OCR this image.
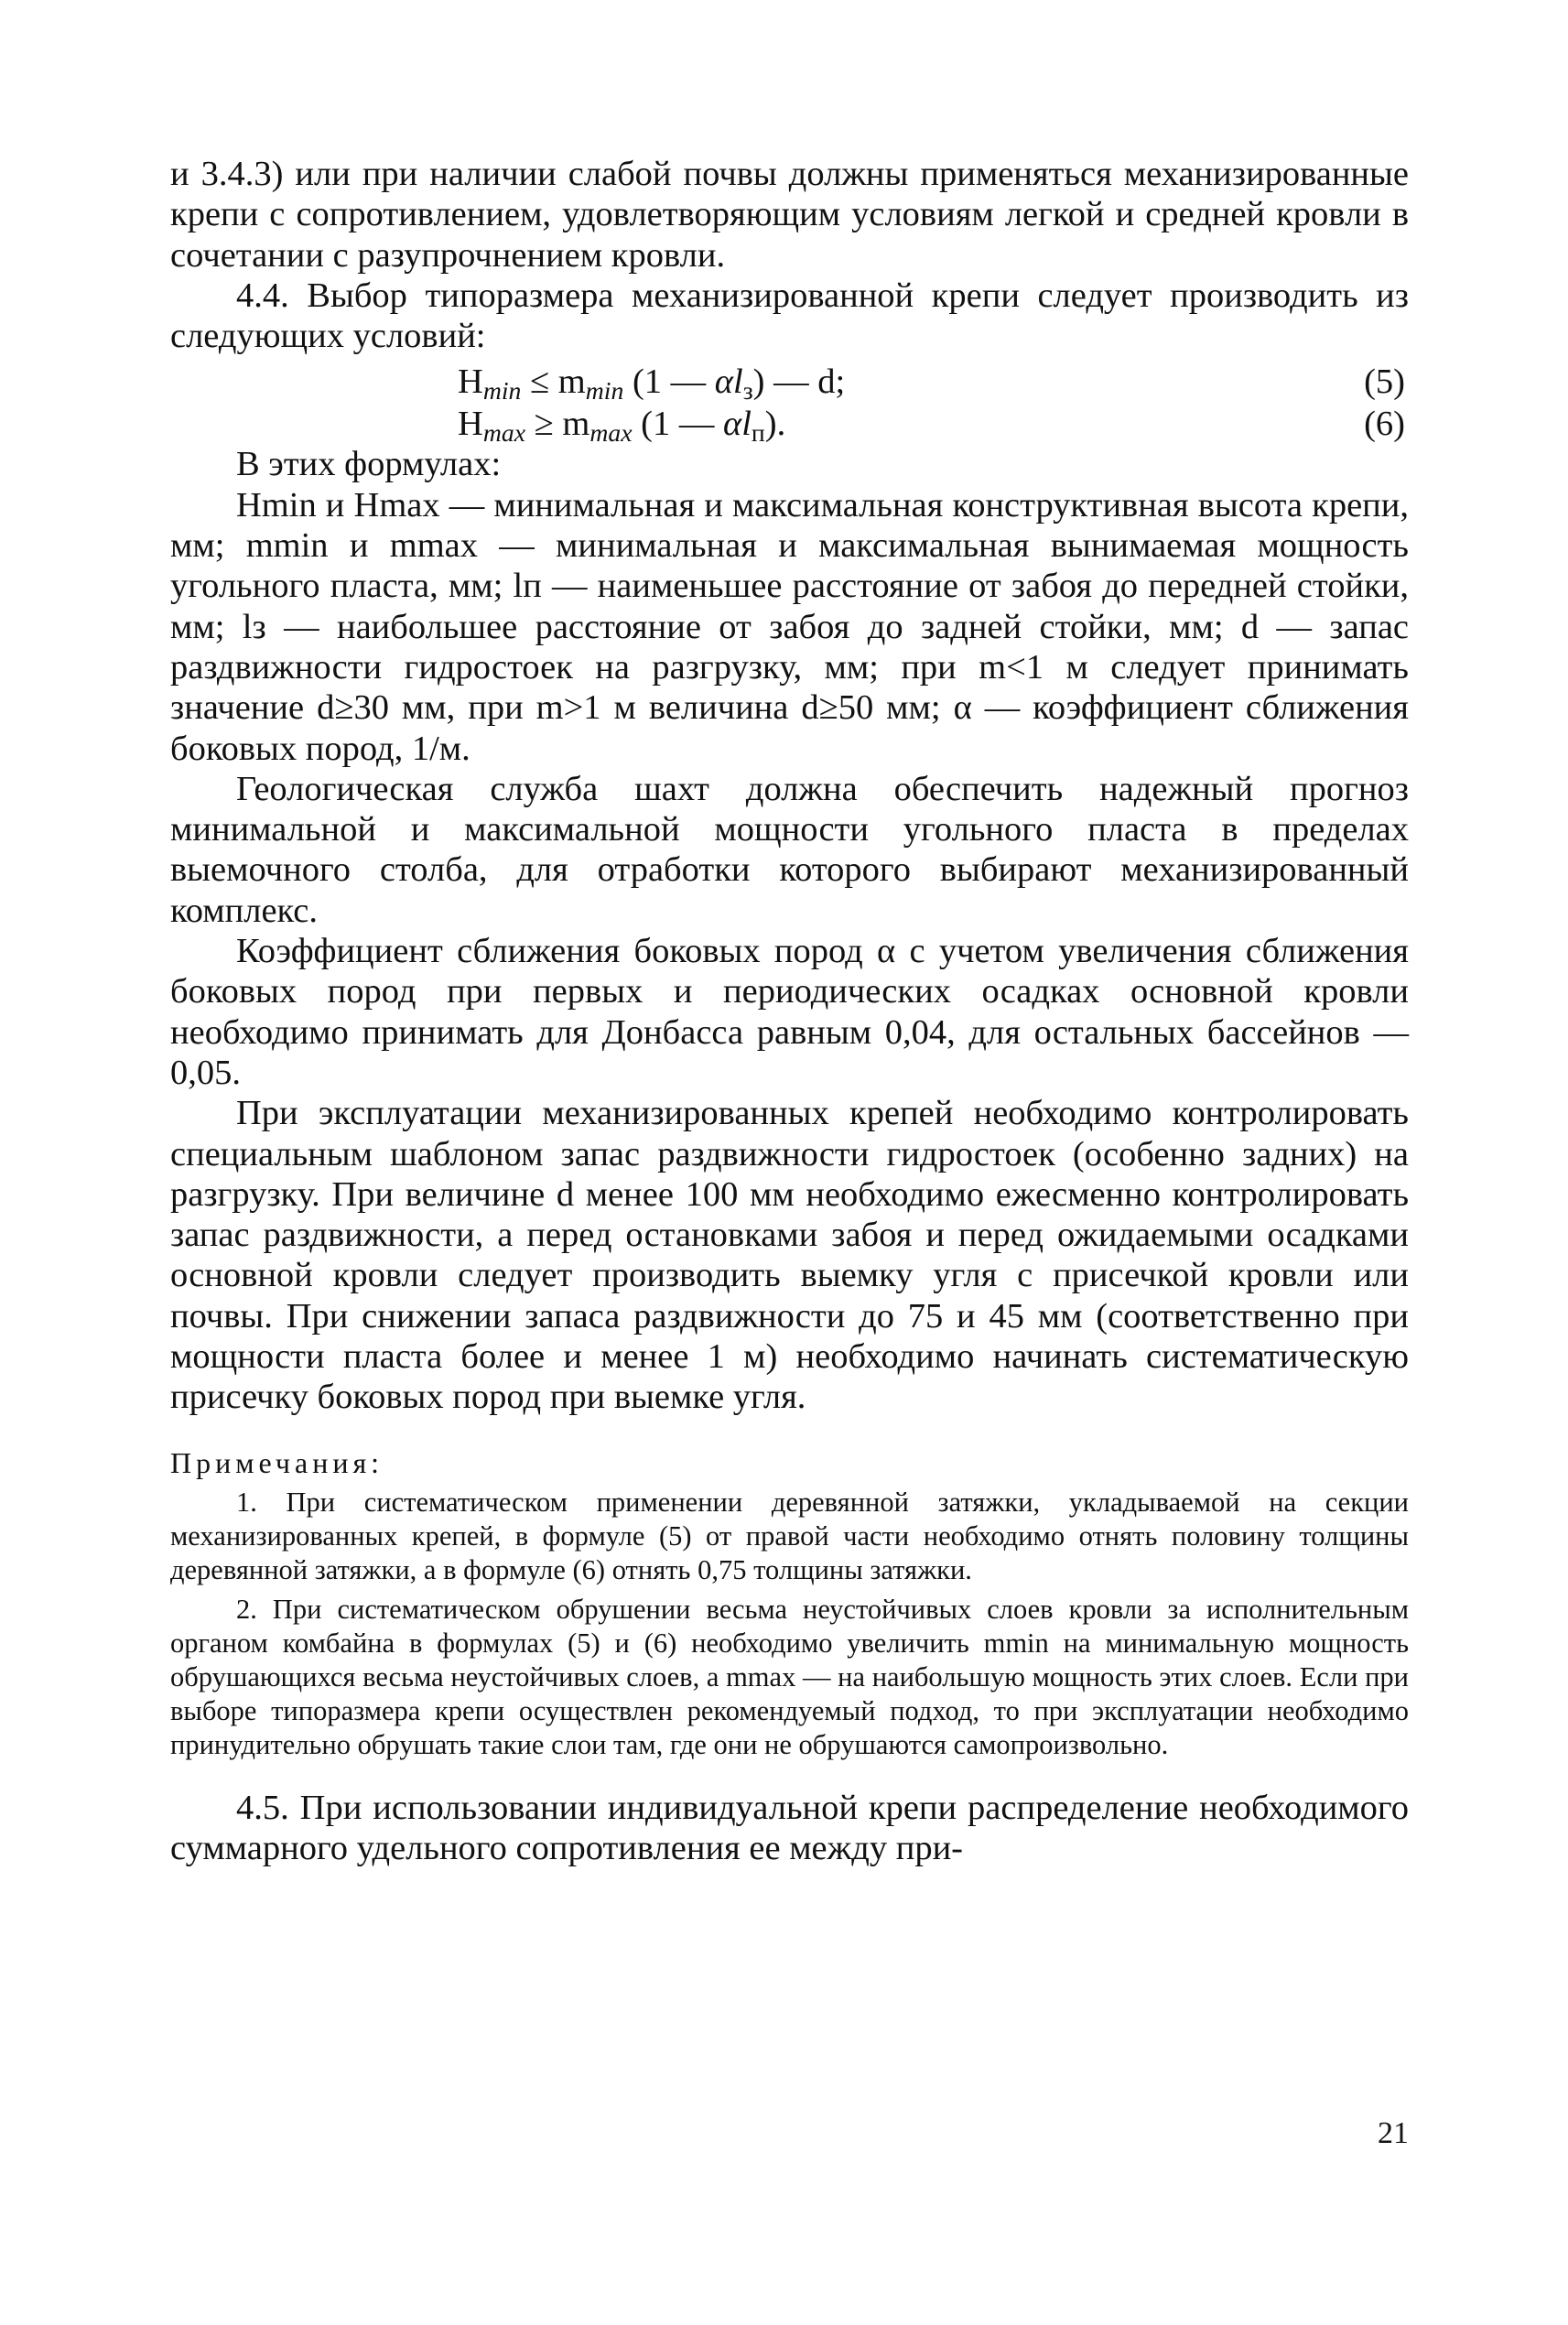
и 3.4.3) или при наличии слабой почвы должны применяться механизированные крепи с сопротивлением, удовлетворяющим условиям легкой и средней кровли в сочетании с разупрочнением кровли.

4.4. Выбор типоразмера механизированной крепи следует производить из следующих условий:

$H_{min} \le m_{min}$ (1 — $\alpha l_з$) — d;	(5)
$H_{max} \ge m_{max}$ (1 — $\alpha l_п$).	(6)

В этих формулах:

Hmin и Hmax — минимальная и максимальная конструктивная высота крепи, мм; mmin и mmax — минимальная и максимальная вынимаемая мощность угольного пласта, мм; lп — наименьшее расстояние от забоя до передней стойки, мм; lз — наибольшее расстояние от забоя до задней стойки, мм; d — запас раздвижности гидростоек на разгрузку, мм; при m<1 м следует принимать значение d≥30 мм, при m>1 м величина d≥50 мм; α — коэффициент сближения боковых пород, 1/м.

Геологическая служба шахт должна обеспечить надежный прогноз минимальной и максимальной мощности угольного пласта в пределах выемочного столба, для отработки которого выбирают механизированный комплекс.

Коэффициент сближения боковых пород α с учетом увеличения сближения боковых пород при первых и периодических осадках основной кровли необходимо принимать для Донбасса равным 0,04, для остальных бассейнов — 0,05.

При эксплуатации механизированных крепей необходимо контролировать специальным шаблоном запас раздвижности гидростоек (особенно задних) на разгрузку. При величине d менее 100 мм необходимо ежесменно контролировать запас раздвижности, а перед остановками забоя и перед ожидаемыми осадками основной кровли следует производить выемку угля с присечкой кровли или почвы. При снижении запаса раздвижности до 75 и 45 мм (соответственно при мощности пласта более и менее 1 м) необходимо начинать систематическую присечку боковых пород при выемке угля.

Примечания:

1. При систематическом применении деревянной затяжки, укладываемой на секции механизированных крепей, в формуле (5) от правой части необходимо отнять половину толщины деревянной затяжки, а в формуле (6) отнять 0,75 толщины затяжки.

2. При систематическом обрушении весьма неустойчивых слоев кровли за исполнительным органом комбайна в формулах (5) и (6) необходимо увеличить mmin на минимальную мощность обрушающихся весьма неустойчивых слоев, а mmax — на наибольшую мощность этих слоев. Если при выборе типоразмера крепи осуществлен рекомендуемый подход, то при эксплуатации необходимо принудительно обрушать такие слои там, где они не обрушаются самопроизвольно.

4.5. При использовании индивидуальной крепи распределение необходимого суммарного удельного сопротивления ее между при-

21
